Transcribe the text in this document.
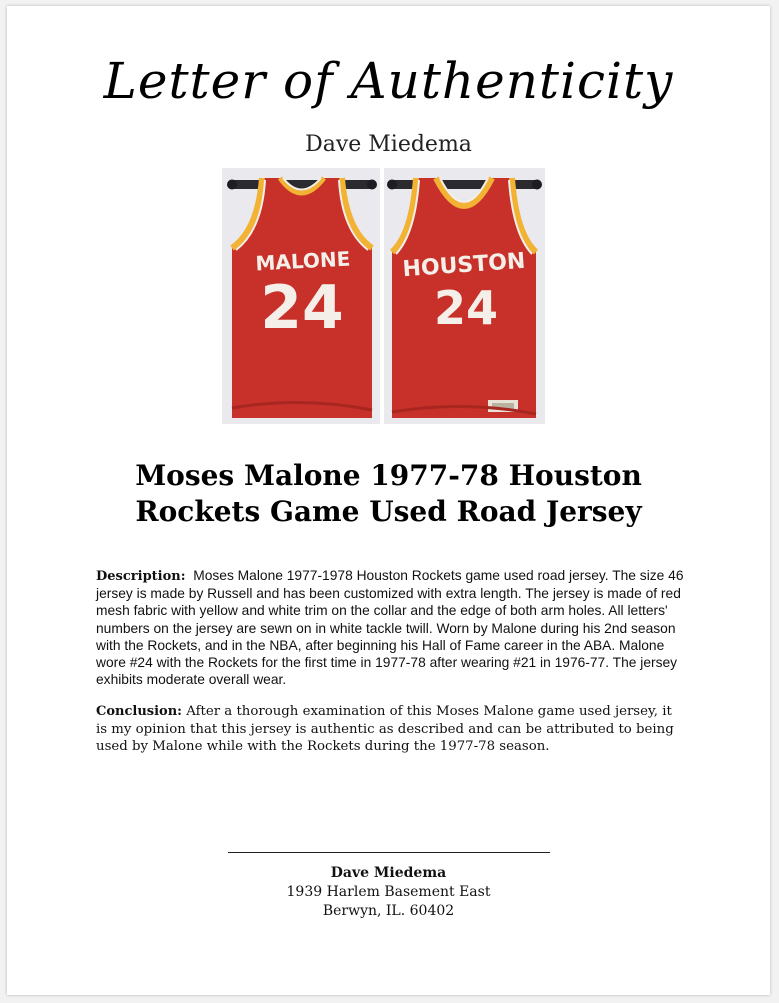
Letter of Authenticity
Dave Miedema
MALONE
24
HOUSTON
24
Moses Malone 1977-78 Houston
Rockets Game Used Road Jersey
Description: Moses Malone 1977-1978 Houston Rockets game used road jersey. The size 46 jersey is made by Russell and has been customized with extra length. The jersey is made of red mesh fabric with yellow and white trim on the collar and the edge of both arm holes. All letters' numbers on the jersey are sewn on in white tackle twill. Worn by Malone during his 2nd season with the Rockets, and in the NBA, after beginning his Hall of Fame career in the ABA. Malone wore #24 with the Rockets for the first time in 1977-78 after wearing #21 in 1976-77. The jersey exhibits moderate overall wear.
Conclusion: After a thorough examination of this Moses Malone game used jersey, it is my opinion that this jersey is authentic as described and can be attributed to being used by Malone while with the Rockets during the 1977-78 season.
Dave Miedema
1939 Harlem Basement East
Berwyn, IL. 60402
